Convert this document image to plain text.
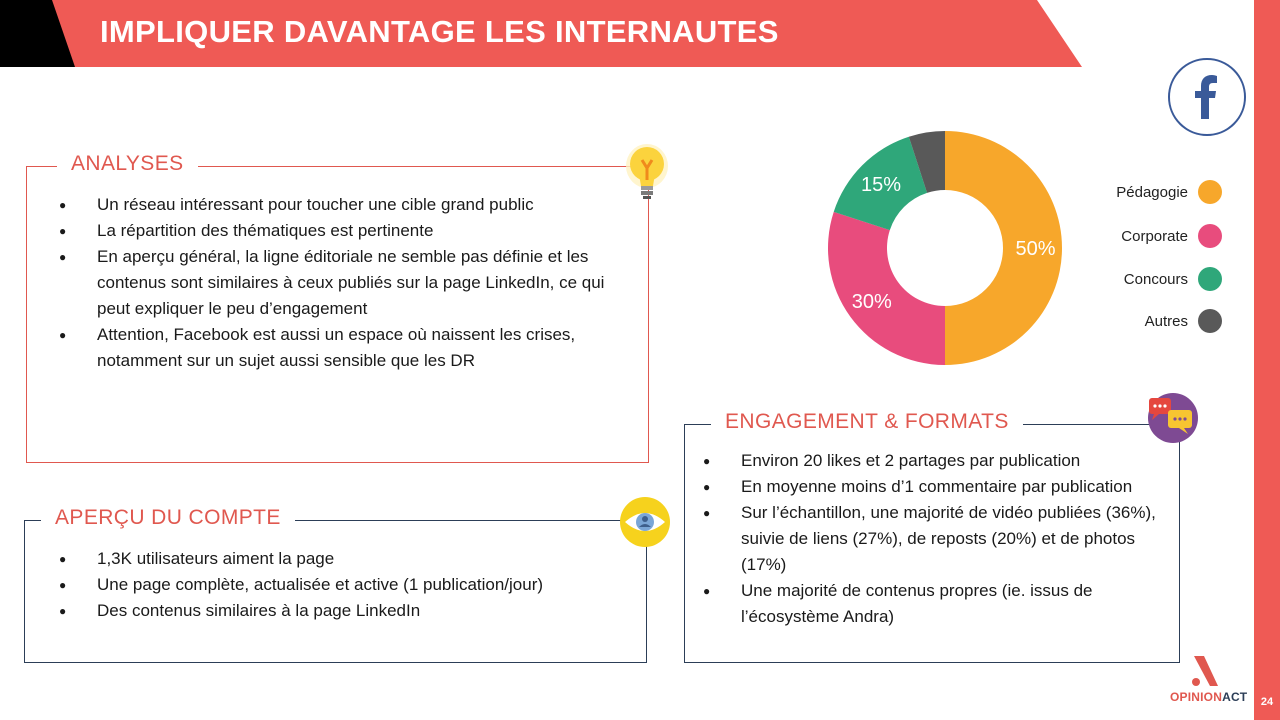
IMPLIQUER DAVANTAGE LES INTERNAUTES
24
ANALYSES
● Un réseau intéressant pour toucher une cible grand public
● La répartition des thématiques est pertinente
● En aperçu général, la ligne éditoriale ne semble pas définie et les contenus sont similaires à ceux publiés sur la page LinkedIn, ce qui peut expliquer le peu d’engagement
● Attention, Facebook est aussi un espace où naissent les crises, notamment sur un sujet aussi sensible que les DR
APERÇU DU COMPTE
● 1,3K utilisateurs aiment la page
● Une page complète, actualisée et active (1 publication/jour)
● Des contenus similaires à la page LinkedIn
ENGAGEMENT & FORMATS
● Environ 20 likes et 2 partages par publication
● En moyenne moins d’1 commentaire par publication
● Sur l’échantillon, une majorité de vidéo publiées (36%), suivie de liens (27%), de reposts (20%) et de photos (17%)
● Une majorité de contenus propres (ie. issus de l’écosystème Andra)
50%
30%
15%	Pédagogie
Corporate
Concours
Autres
OPINIONACT
